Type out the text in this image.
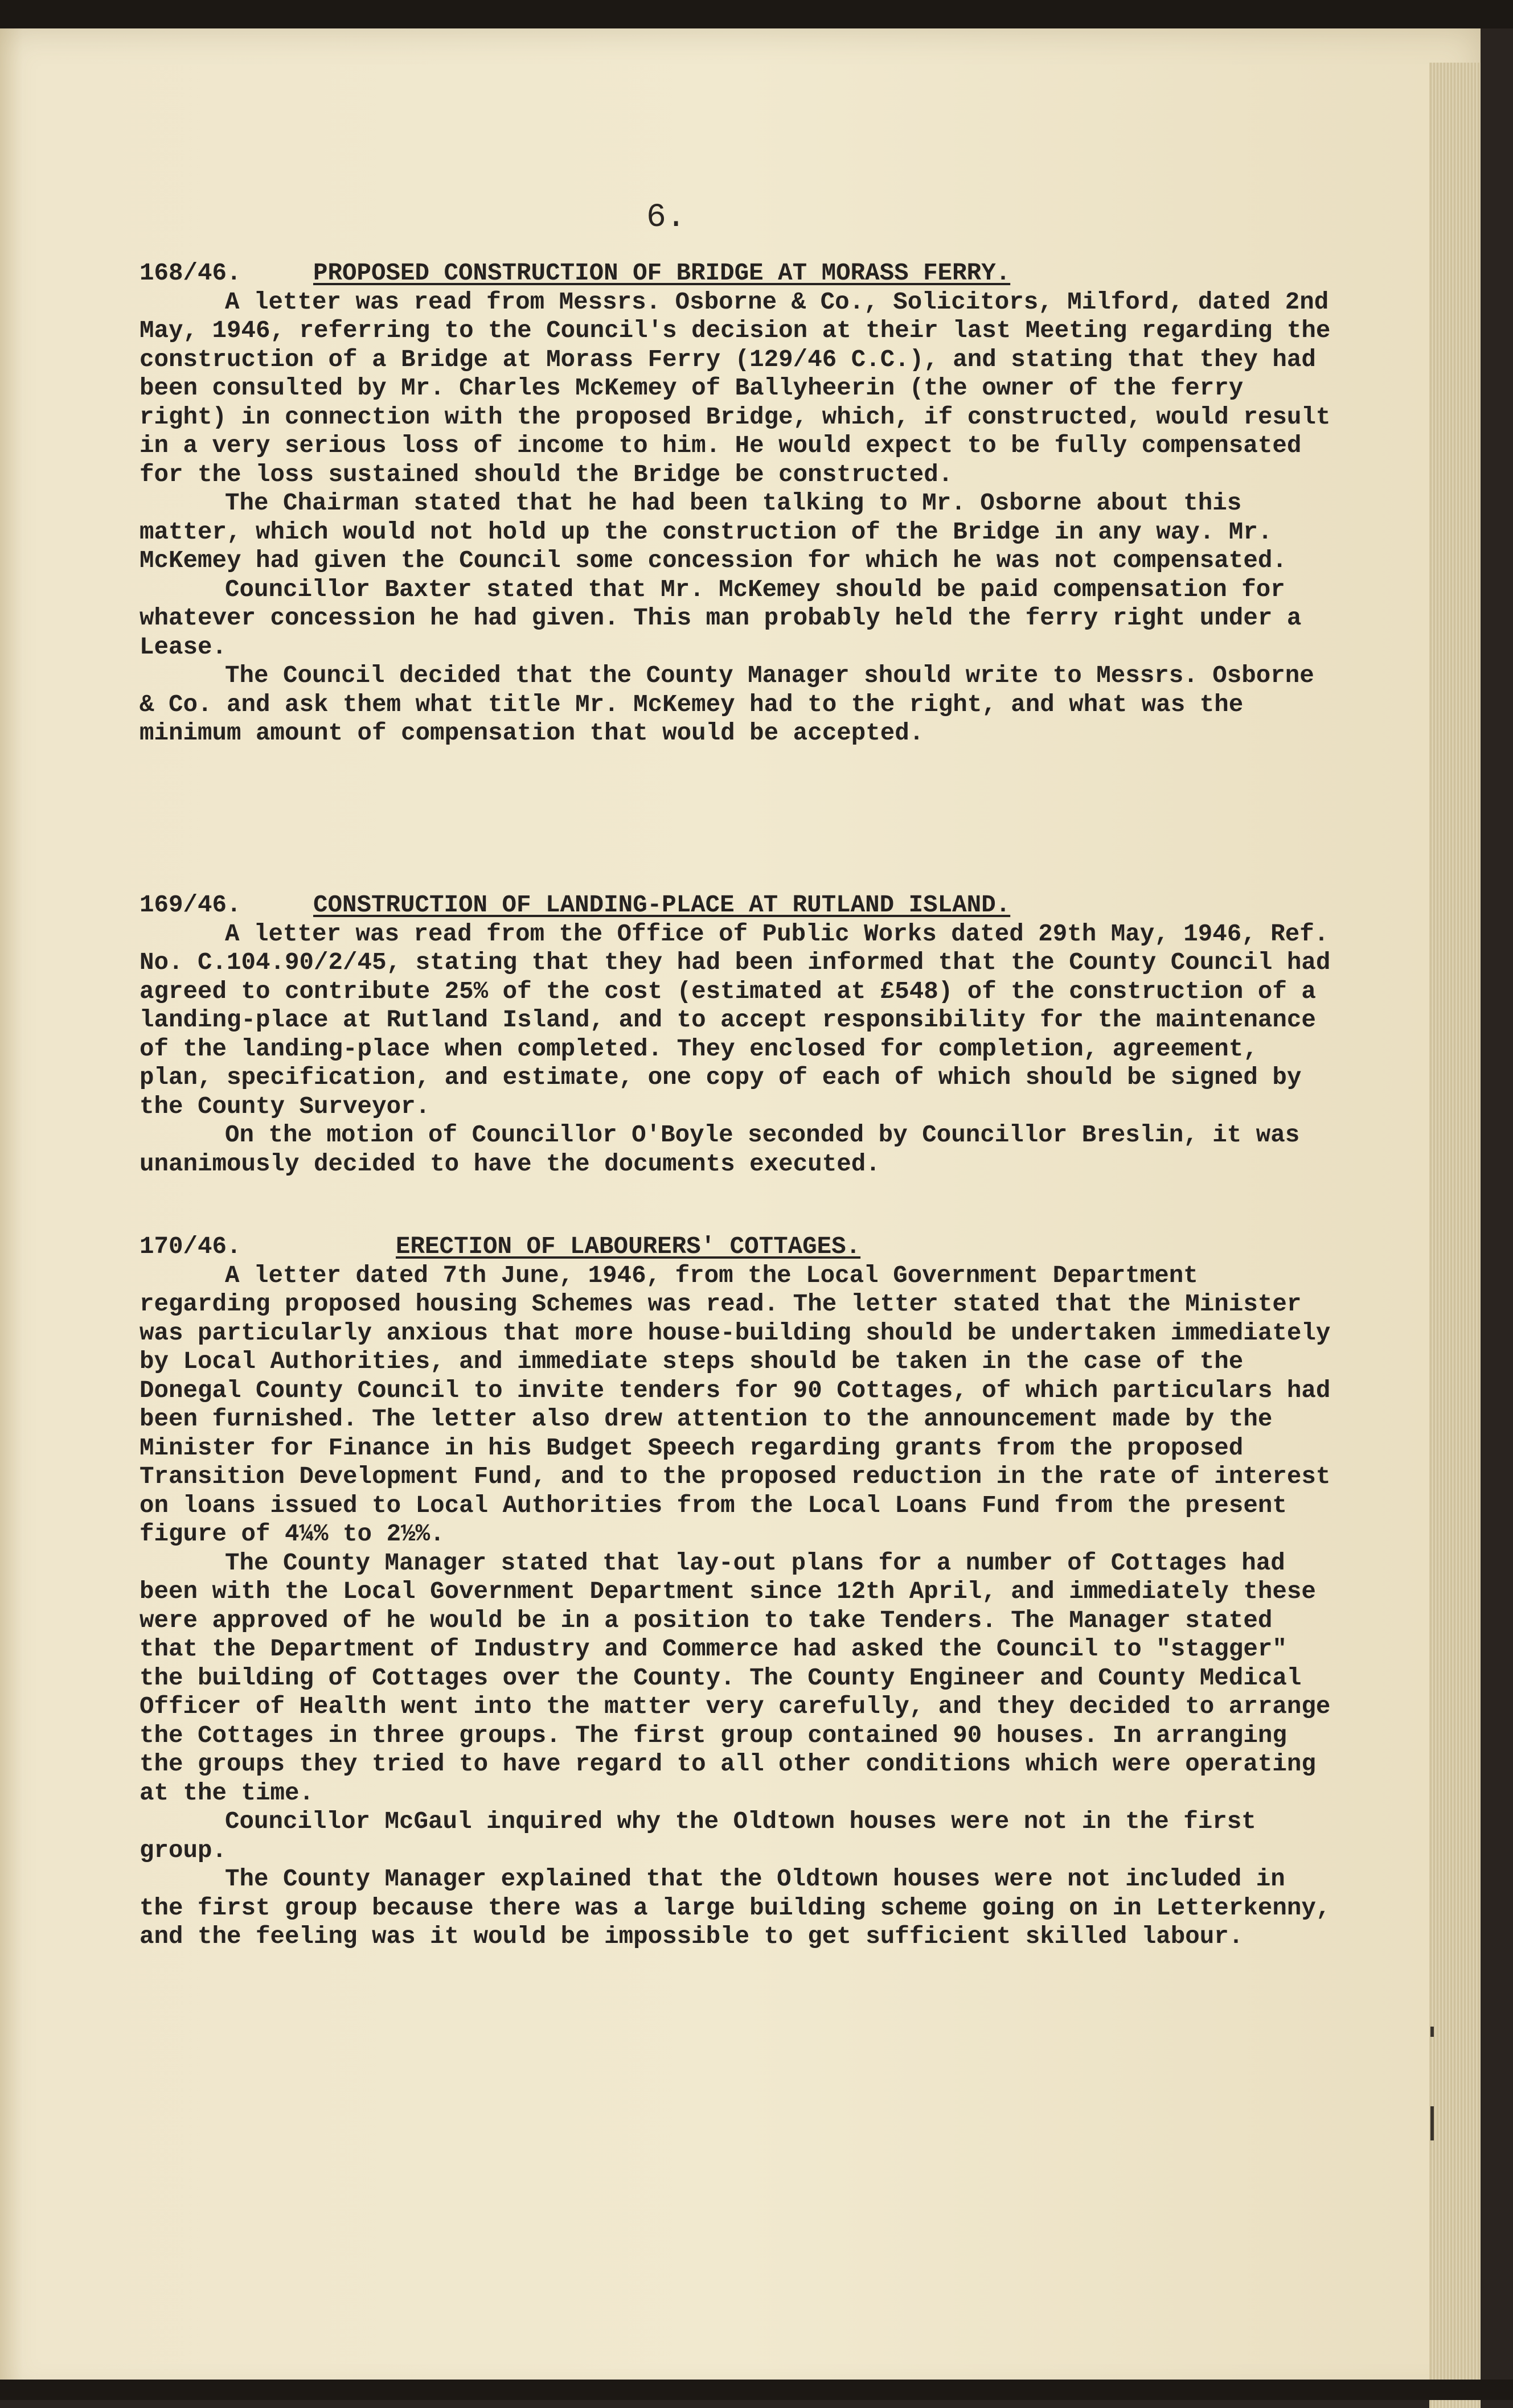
6.
168/46.	PROPOSED CONSTRUCTION OF BRIDGE AT MORASS FERRY.

A letter was read from Messrs. Osborne & Co., Solicitors, Milford, dated 2nd May, 1946, referring to the Council's decision at their last Meeting regarding the construction of a Bridge at Morass Ferry (129/46 C.C.), and stating that they had been consulted by Mr. Charles McKemey of Ballyheerin (the owner of the ferry right) in connection with the proposed Bridge, which, if constructed, would result in a very serious loss of income to him. He would expect to be fully compensated for the loss sustained should the Bridge be constructed.

The Chairman stated that he had been talking to Mr. Osborne about this matter, which would not hold up the construction of the Bridge in any way. Mr. McKemey had given the Council some concession for which he was not compensated.

Councillor Baxter stated that Mr. McKemey should be paid compensation for whatever concession he had given. This man probably held the ferry right under a Lease.

The Council decided that the County Manager should write to Messrs. Osborne & Co. and ask them what title Mr. McKemey had to the right, and what was the minimum amount of compensation that would be accepted.

169/46.	CONSTRUCTION OF LANDING-PLACE AT RUTLAND ISLAND.

A letter was read from the Office of Public Works dated 29th May, 1946, Ref. No. C.104.90/2/45, stating that they had been informed that the County Council had agreed to contribute 25% of the cost (estimated at £548) of the construction of a landing-place at Rutland Island, and to accept responsibility for the maintenance of the landing-place when completed. They enclosed for completion, agreement, plan, specification, and estimate, one copy of each of which should be signed by the County Surveyor.

On the motion of Councillor O'Boyle seconded by Councillor Breslin, it was unanimously decided to have the documents executed.

170/46.	ERECTION OF LABOURERS' COTTAGES.

A letter dated 7th June, 1946, from the Local Government Department regarding proposed housing Schemes was read. The letter stated that the Minister was particularly anxious that more house-building should be undertaken immediately by Local Authorities, and immediate steps should be taken in the case of the Donegal County Council to invite tenders for 90 Cottages, of which particulars had been furnished. The letter also drew attention to the announcement made by the Minister for Finance in his Budget Speech regarding grants from the proposed Transition Development Fund, and to the proposed reduction in the rate of interest on loans issued to Local Authorities from the Local Loans Fund from the present figure of 4¼% to 2½%.

The County Manager stated that lay-out plans for a number of Cottages had been with the Local Government Department since 12th April, and immediately these were approved of he would be in a position to take Tenders. The Manager stated that the Department of Industry and Commerce had asked the Council to "stagger" the building of Cottages over the County. The County Engineer and County Medical Officer of Health went into the matter very carefully, and they decided to arrange the Cottages in three groups. The first group contained 90 houses. In arranging the groups they tried to have regard to all other conditions which were operating at the time.

Councillor McGaul inquired why the Oldtown houses were not in the first group.

The County Manager explained that the Oldtown houses were not included in the first group because there was a large building scheme going on in Letterkenny, and the feeling was it would be impossible to get sufficient skilled labour.
